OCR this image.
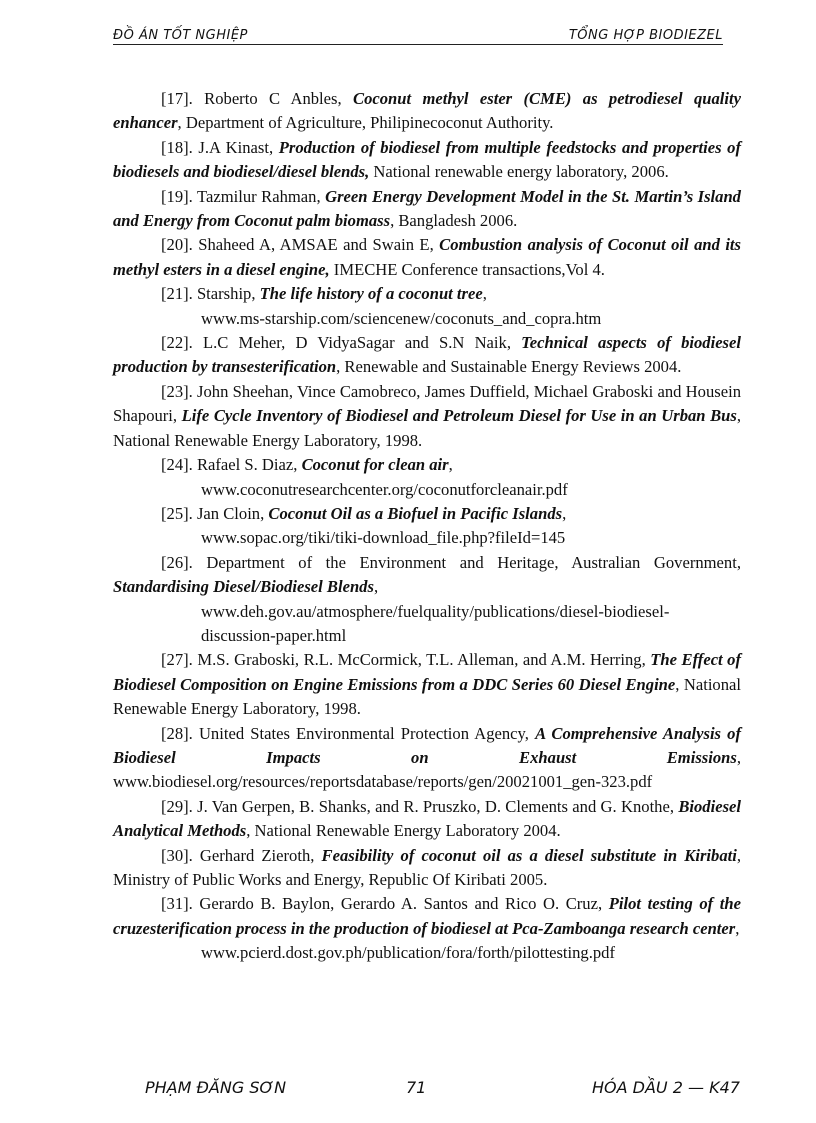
ĐỒ ÁN TỐT NGHIỆP	TỔNG HỢP BIODIEZEL

[17]. Roberto C Anbles, Coconut methyl ester (CME) as petrodiesel quality enhancer, Department of Agriculture, Philipinecoconut Authority.

[18]. J.A Kinast, Production of biodiesel from multiple feedstocks and properties of biodiesels and biodiesel/diesel blends, National renewable energy laboratory, 2006.

[19]. Tazmilur Rahman, Green Energy Development Model in the St. Martin’s Island and Energy from Coconut palm biomass, Bangladesh 2006.

[20]. Shaheed A, AMSAE and Swain E, Combustion analysis of Coconut oil and its methyl esters in a diesel engine, IMECHE Conference transactions,Vol 4.

[21]. Starship, The life history of a coconut tree,
www.ms-starship.com/sciencenew/coconuts_and_copra.htm

[22]. L.C Meher, D VidyaSagar and S.N Naik, Technical aspects of biodiesel production by transesterification, Renewable and Sustainable Energy Reviews 2004.

[23]. John Sheehan, Vince Camobreco, James Duffield, Michael Graboski and Housein Shapouri, Life Cycle Inventory of Biodiesel and Petroleum Diesel for Use in an Urban Bus, National Renewable Energy Laboratory, 1998.

[24]. Rafael S. Diaz, Coconut for clean air,
www.coconutresearchcenter.org/coconutforcleanair.pdf

[25]. Jan Cloin, Coconut Oil as a Biofuel in Pacific Islands,
www.sopac.org/tiki/tiki-download_file.php?fileId=145

[26]. Department of the Environment and Heritage, Australian Government, Standardising Diesel/Biodiesel Blends,
www.deh.gov.au/atmosphere/fuelquality/publications/diesel-biodiesel-discussion-paper.html

[27]. M.S. Graboski, R.L. McCormick, T.L. Alleman, and A.M. Herring, The Effect of Biodiesel Composition on Engine Emissions from a DDC Series 60 Diesel Engine, National Renewable Energy Laboratory, 1998.

[28]. United States Environmental Protection Agency, A Comprehensive Analysis of Biodiesel Impacts on Exhaust Emissions, www.biodiesel.org/resources/reportsdatabase/reports/gen/20021001_gen-323.pdf

[29]. J. Van Gerpen, B. Shanks, and R. Pruszko, D. Clements and G. Knothe, Biodiesel Analytical Methods, National Renewable Energy Laboratory 2004.

[30]. Gerhard Zieroth, Feasibility of coconut oil as a diesel substitute in Kiribati, Ministry of Public Works and Energy, Republic Of Kiribati 2005.

[31]. Gerardo B. Baylon, Gerardo A. Santos and Rico O. Cruz, Pilot testing of the cruzesterification process in the production of biodiesel at Pca-Zamboanga research center,
www.pcierd.dost.gov.ph/publication/fora/forth/pilottesting.pdf

PHẠM ĐĂNG SƠN	71	HÓA DẦU 2 — K47
